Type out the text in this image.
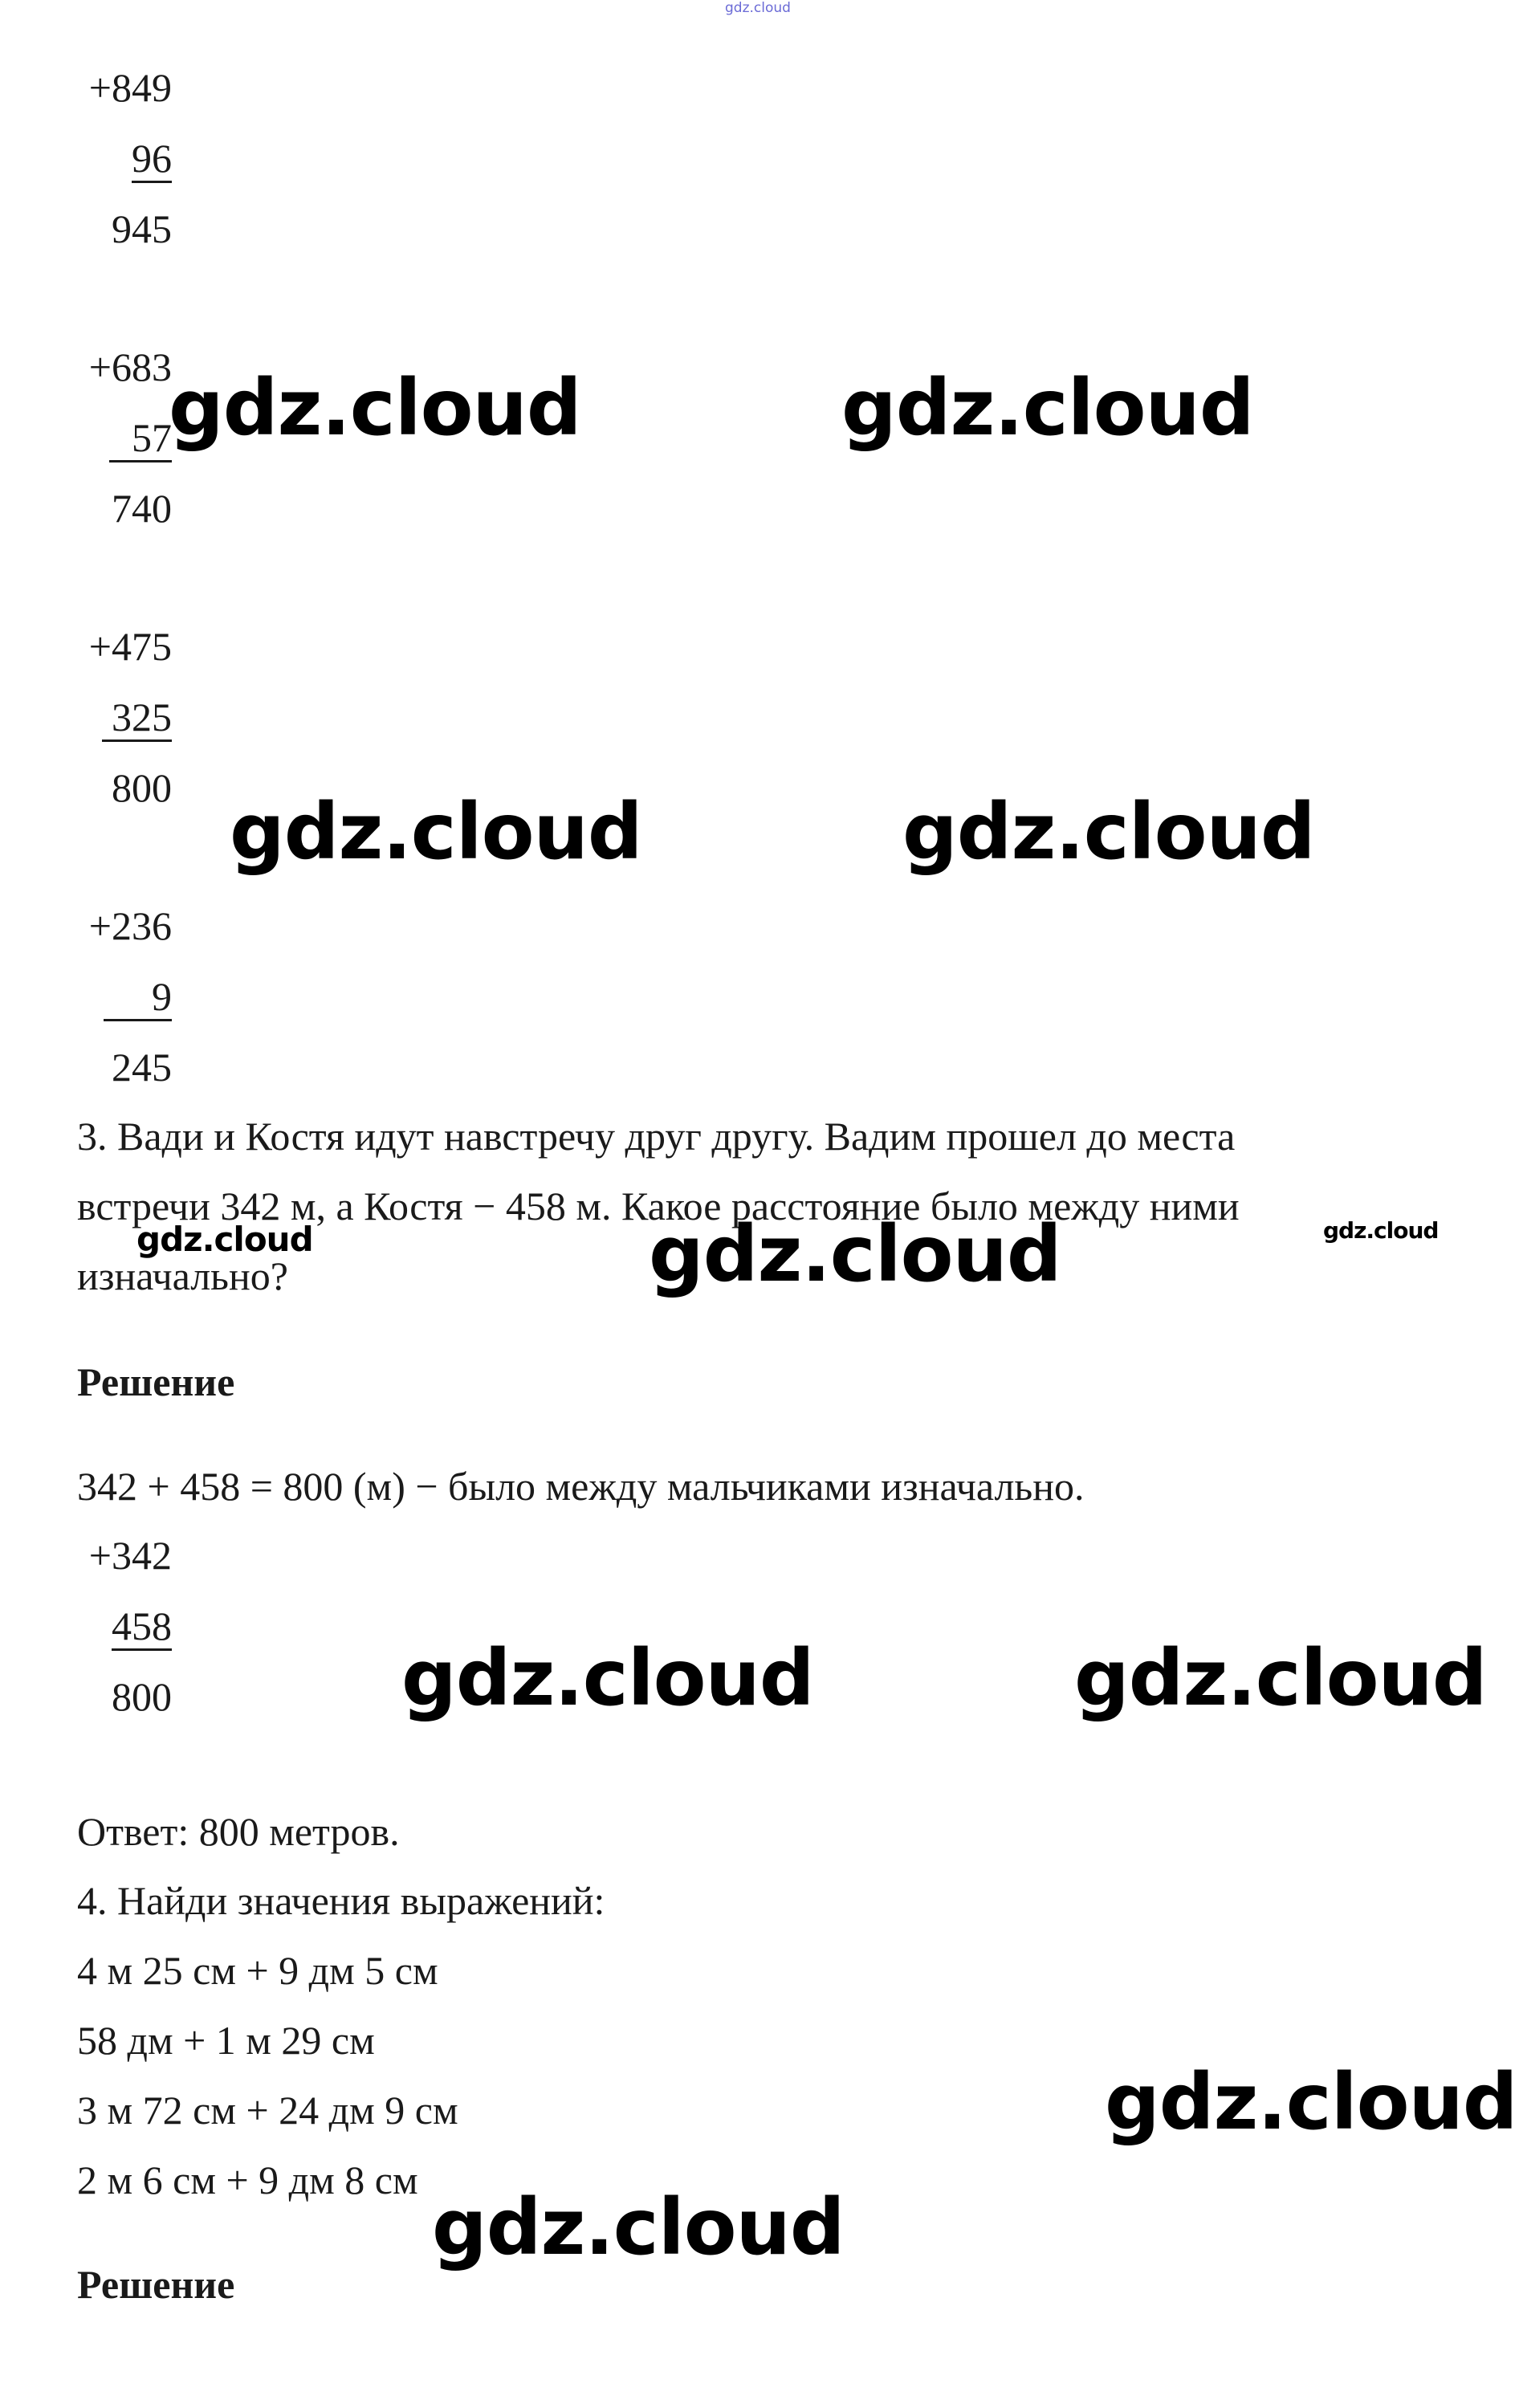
gdz.cloud
+849
96
945
+683
57
740
+475
325
800
+236
9
245
3. Вади и Костя идут навстречу друг другу. Вадим прошел до места
встречи 342 м, а Костя − 458 м. Какое расстояние было между ними
изначально?
Решение
342 + 458 = 800 (м) − было между мальчиками изначально.
+342
458
800
Ответ: 800 метров.
4. Найди значения выражений:
4 м 25 см + 9 дм 5 см
58 дм + 1 м 29 см
3 м 72 см + 24 дм 9 см
2 м 6 см + 9 дм 8 см
Решение
gdz.cloud	gdz.cloud
gdz.cloud	gdz.cloud
gdz.cloud	gdz.cloud	gdz.cloud
gdz.cloud	gdz.cloud
gdz.cloud
gdz.cloud
